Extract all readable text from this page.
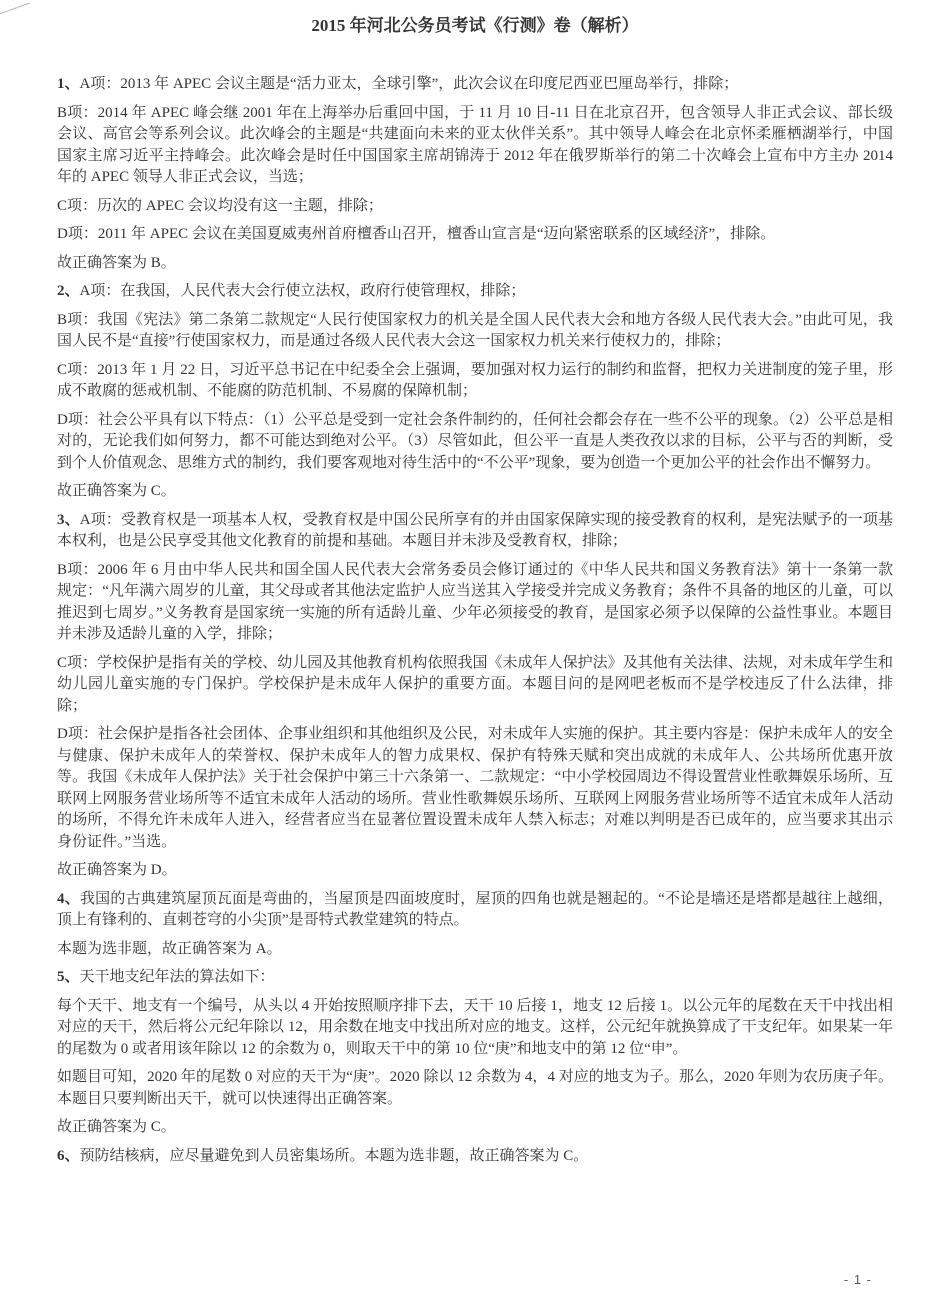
2015 年河北公务员考试《行测》卷（解析）

1、A项：2013 年 APEC 会议主题是“活力亚太，全球引擎”，此次会议在印度尼西亚巴厘岛举行，排除；

B项：2014 年 APEC 峰会继 2001 年在上海举办后重回中国，于 11 月 10 日-11 日在北京召开，包含领导人非正式会议、部长级会议、高官会等系列会议。此次峰会的主题是“共建面向未来的亚太伙伴关系”。其中领导人峰会在北京怀柔雁栖湖举行，中国国家主席习近平主持峰会。此次峰会是时任中国国家主席胡锦涛于 2012 年在俄罗斯举行的第二十次峰会上宣布中方主办 2014 年的 APEC 领导人非正式会议，当选；

C项：历次的 APEC 会议均没有这一主题，排除；

D项：2011 年 APEC 会议在美国夏威夷州首府檀香山召开，檀香山宣言是“迈向紧密联系的区域经济”，排除。

故正确答案为 B。

2、A项：在我国，人民代表大会行使立法权，政府行使管理权，排除；

B项：我国《宪法》第二条第二款规定“人民行使国家权力的机关是全国人民代表大会和地方各级人民代表大会。”由此可见，我国人民不是“直接”行使国家权力，而是通过各级人民代表大会这一国家权力机关来行使权力的，排除；

C项：2013 年 1 月 22 日，习近平总书记在中纪委全会上强调，要加强对权力运行的制约和监督，把权力关进制度的笼子里，形成不敢腐的惩戒机制、不能腐的防范机制、不易腐的保障机制；

D项：社会公平具有以下特点：（1）公平总是受到一定社会条件制约的，任何社会都会存在一些不公平的现象。（2）公平总是相对的，无论我们如何努力，都不可能达到绝对公平。（3）尽管如此，但公平一直是人类孜孜以求的目标，公平与否的判断，受到个人价值观念、思维方式的制约，我们要客观地对待生活中的“不公平”现象，要为创造一个更加公平的社会作出不懈努力。

故正确答案为 C。

3、A项：受教育权是一项基本人权，受教育权是中国公民所享有的并由国家保障实现的接受教育的权利，是宪法赋予的一项基本权利，也是公民享受其他文化教育的前提和基础。本题目并未涉及受教育权，排除；

B项：2006 年 6 月由中华人民共和国全国人民代表大会常务委员会修订通过的《中华人民共和国义务教育法》第十一条第一款规定：“凡年满六周岁的儿童，其父母或者其他法定监护人应当送其入学接受并完成义务教育；条件不具备的地区的儿童，可以推迟到七周岁。”义务教育是国家统一实施的所有适龄儿童、少年必须接受的教育，是国家必须予以保障的公益性事业。本题目并未涉及适龄儿童的入学，排除；

C项：学校保护是指有关的学校、幼儿园及其他教育机构依照我国《未成年人保护法》及其他有关法律、法规，对未成年学生和幼儿园儿童实施的专门保护。学校保护是未成年人保护的重要方面。本题目问的是网吧老板而不是学校违反了什么法律，排除；

D项：社会保护是指各社会团体、企事业组织和其他组织及公民，对未成年人实施的保护。其主要内容是：保护未成年人的安全与健康、保护未成年人的荣誉权、保护未成年人的智力成果权、保护有特殊天赋和突出成就的未成年人、公共场所优惠开放等。我国《未成年人保护法》关于社会保护中第三十六条第一、二款规定：“中小学校园周边不得设置营业性歌舞娱乐场所、互联网上网服务营业场所等不适宜未成年人活动的场所。营业性歌舞娱乐场所、互联网上网服务营业场所等不适宜未成年人活动的场所，不得允许未成年人进入，经营者应当在显著位置设置未成年人禁入标志；对难以判明是否已成年的，应当要求其出示身份证件。”当选。

故正确答案为 D。

4、我国的古典建筑屋顶瓦面是弯曲的，当屋顶是四面坡度时，屋顶的四角也就是翘起的。“不论是墙还是塔都是越往上越细，顶上有锋利的、直刺苍穹的小尖顶”是哥特式教堂建筑的特点。

本题为选非题，故正确答案为 A。

5、天干地支纪年法的算法如下：

每个天干、地支有一个编号，从头以 4 开始按照顺序排下去，天干 10 后接 1，地支 12 后接 1。以公元年的尾数在天干中找出相对应的天干，然后将公元纪年除以 12，用余数在地支中找出所对应的地支。这样，公元纪年就换算成了干支纪年。如果某一年的尾数为 0 或者用该年除以 12 的余数为 0，则取天干中的第 10 位“庚”和地支中的第 12 位“申”。

如题目可知，2020 年的尾数 0 对应的天干为“庚”。2020 除以 12 余数为 4，4 对应的地支为子。那么，2020 年则为农历庚子年。本题目只要判断出天干，就可以快速得出正确答案。

故正确答案为 C。

6、预防结核病，应尽量避免到人员密集场所。本题为选非题，故正确答案为 C。

- 1 -
